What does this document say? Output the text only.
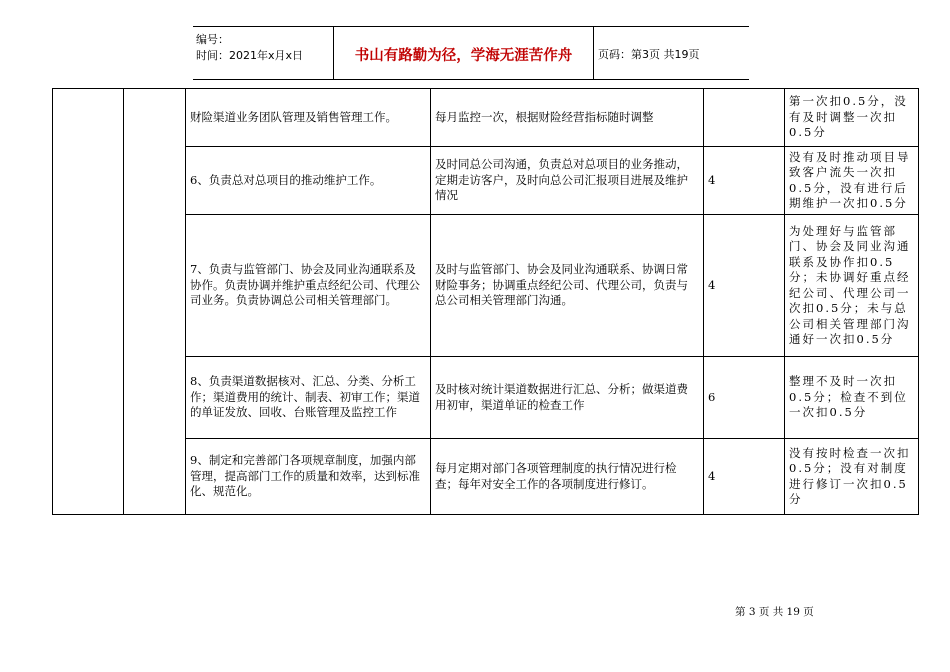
编号：
时间：2021年x月x日	书山有路勤为径，学海无涯苦作舟	页码：第3页 共19页
		财险渠道业务团队管理及销售管理工作。	每月监控一次，根据财险经营指标随时调整		第一次扣0.5分，没有及时调整一次扣0.5分
		6、负责总对总项目的推动维护工作。	及时同总公司沟通，负责总对总项目的业务推动，定期走访客户，及时向总公司汇报项目进展及维护情况	4	没有及时推动项目导致客户流失一次扣0.5分，没有进行后期维护一次扣0.5分
		7、负责与监管部门、协会及同业沟通联系及协作。负责协调并维护重点经纪公司、代理公司业务。负责协调总公司相关管理部门。	及时与监管部门、协会及同业沟通联系、协调日常财险事务；协调重点经纪公司、代理公司，负责与总公司相关管理部门沟通。	4	为处理好与监管部门、协会及同业沟通联系及协作扣0.5分；未协调好重点经纪公司、代理公司一次扣0.5分；未与总公司相关管理部门沟通好一次扣0.5分
		8、负责渠道数据核对、汇总、分类、分析工作；渠道费用的统计、制表、初审工作；渠道的单证发放、回收、台账管理及监控工作	及时核对统计渠道数据进行汇总、分析；做渠道费用初审，渠道单证的检查工作	6	整理不及时一次扣0.5分；检查不到位一次扣0.5分
		9、制定和完善部门各项规章制度，加强内部管理，提高部门工作的质量和效率，达到标准化、规范化。	每月定期对部门各项管理制度的执行情况进行检查；每年对安全工作的各项制度进行修订。	4	没有按时检查一次扣0.5分；没有对制度进行修订一次扣0.5分
第 3 页 共 19 页
